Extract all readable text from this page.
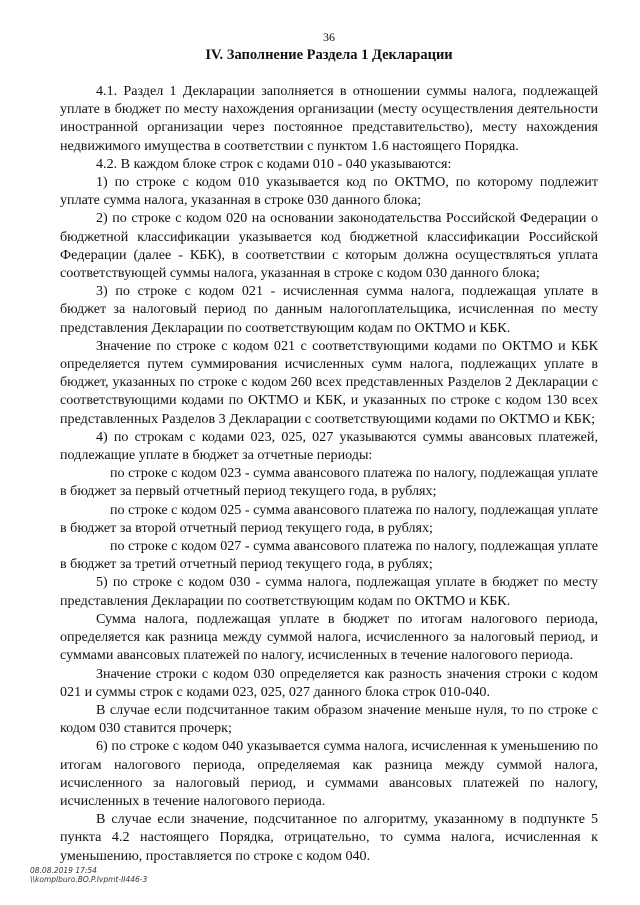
36

IV. Заполнение Раздела 1 Декларации

4.1. Раздел 1 Декларации заполняется в отношении суммы налога, подлежащей уплате в бюджет по месту нахождения организации (месту осуществления деятельности иностранной организации через постоянное представительство), месту нахождения недвижимого имущества в соответствии с пунктом 1.6 настоящего Порядка.

4.2. В каждом блоке строк с кодами 010 - 040 указываются:

1) по строке с кодом 010 указывается код по ОКТМО, по которому подлежит уплате сумма налога, указанная в строке 030 данного блока;

2) по строке с кодом 020 на основании законодательства Российской Федерации о бюджетной классификации указывается код бюджетной классификации Российской Федерации (далее - КБК), в соответствии с которым должна осуществляться уплата соответствующей суммы налога, указанная в строке с кодом 030 данного блока;

3) по строке с кодом 021 - исчисленная сумма налога, подлежащая уплате в бюджет за налоговый период по данным налогоплательщика, исчисленная по месту представления Декларации по соответствующим кодам по ОКТМО и КБК.

Значение по строке с кодом 021 с соответствующими кодами по ОКТМО и КБК определяется путем суммирования исчисленных сумм налога, подлежащих уплате в бюджет, указанных по строке с кодом 260 всех представленных Разделов 2 Декларации с соответствующими кодами по ОКТМО и КБК, и указанных по строке с кодом 130 всех представленных Разделов 3 Декларации с соответствующими кодами по ОКТМО и КБК;

4) по строкам с кодами 023, 025, 027 указываются суммы авансовых платежей, подлежащие уплате в бюджет за отчетные периоды:

по строке с кодом 023 - сумма авансового платежа по налогу, подлежащая уплате в бюджет за первый отчетный период текущего года, в рублях;

по строке с кодом 025 - сумма авансового платежа по налогу, подлежащая уплате в бюджет за второй отчетный период текущего года, в рублях;

по строке с кодом 027 - сумма авансового платежа по налогу, подлежащая уплате в бюджет за третий отчетный период текущего года, в рублях;

5) по строке с кодом 030 - сумма налога, подлежащая уплате в бюджет по месту представления Декларации по соответствующим кодам по ОКТМО и КБК.

Сумма налога, подлежащая уплате в бюджет по итогам налогового периода, определяется как разница между суммой налога, исчисленного за налоговый период, и суммами авансовых платежей по налогу, исчисленных в течение налогового периода.

Значение строки с кодом 030 определяется как разность значения строки с кодом 021 и суммы строк с кодами 023, 025, 027 данного блока строк 010-040.

В случае если подсчитанное таким образом значение меньше нуля, то по строке с кодом 030 ставится прочерк;

6) по строке с кодом 040 указывается сумма налога, исчисленная к уменьшению по итогам налогового периода, определяемая как разница между суммой налога, исчисленного за налоговый период, и суммами авансовых платежей по налогу, исчисленных в течение налогового периода.

В случае если значение, подсчитанное по алгоритму, указанному в подпункте 5 пункта 4.2 настоящего Порядка, отрицательно, то сумма налога, исчисленная к уменьшению, проставляется по строке с кодом 040.

08.08.2019 17:54
\\komplburo.BO.P.Ivpmt-II446-3
